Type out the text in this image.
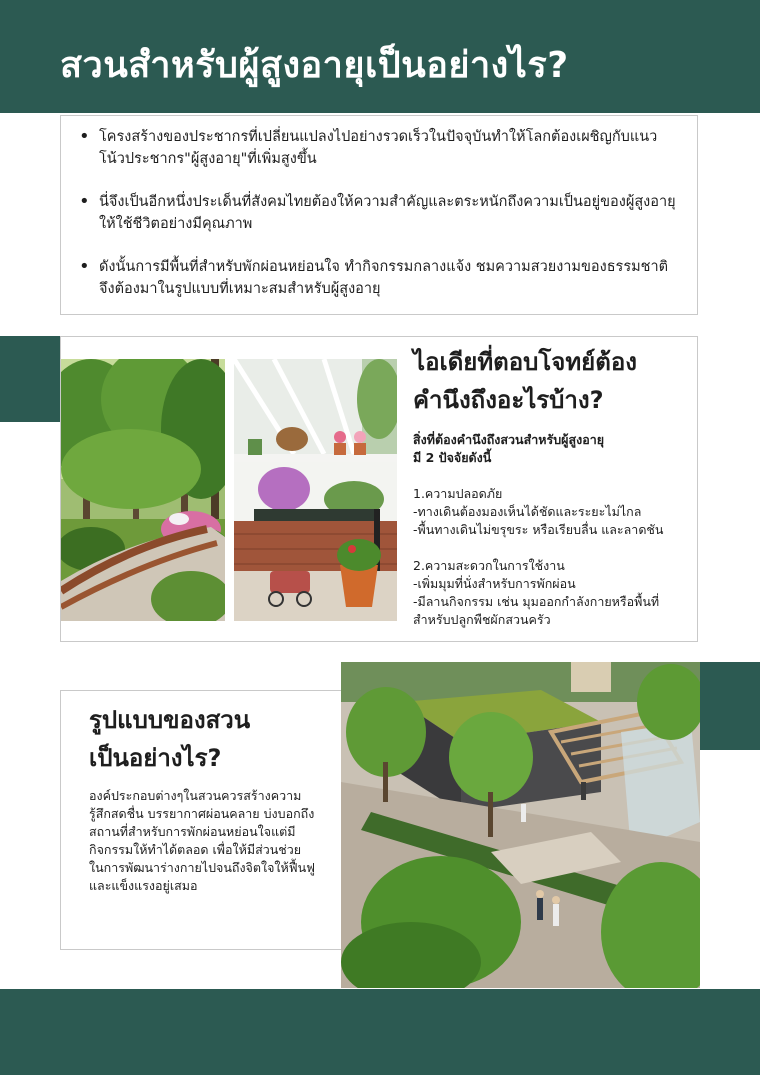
สวนสำหรับผู้สูงอายุเป็นอย่างไร?
• โครงสร้างของประชากรที่เปลี่ยนแปลงไปอย่างรวดเร็วในปัจจุบันทำให้โลกต้องเผชิญกับแนวโน้วประชากร"ผู้สูงอายุ"ที่เพิ่มสูงขึ้น
• นี่จึงเป็นอีกหนึ่งประเด็นที่สังคมไทยต้องให้ความสำคัญและตระหนักถึงความเป็นอยู่ของผู้สูงอายุให้ใช้ชีวิตอย่างมีคุณภาพ
• ดังนั้นการมีพื้นที่สำหรับพักผ่อนหย่อนใจ ทำกิจกรรมกลางแจ้ง ชมความสวยงามของธรรมชาติ จึงต้องมาในรูปแบบที่เหมาะสมสำหรับผู้สูงอายุ
ไอเดียที่ตอบโจทย์ต้อง
คำนึงถึงอะไรบ้าง?
สิ่งที่ต้องคำนึงถึงสวนสำหรับผู้สูงอายุ
มี 2 ปัจจัยดังนี้
1.ความปลอดภัย
-ทางเดินต้องมองเห็นได้ชัดและระยะไม่ไกล
-พื้นทางเดินไม่ขรุขระ หรือเรียบลื่น และลาดชัน
2.ความสะดวกในการใช้งาน
-เพิ่มมุมที่นั่งสำหรับการพักผ่อน
-มีลานกิจกรรม เช่น มุมออกกำลังกายหรือพื้นที่
สำหรับปลูกพืชผักสวนครัว
รูปแบบของสวน
เป็นอย่างไร?
องค์ประกอบต่างๆในสวนควรสร้างความรู้สึกสดชื่น บรรยากาศผ่อนคลาย บ่งบอกถึงสถานที่สำหรับการพักผ่อนหย่อนใจแต่มีกิจกรรมให้ทำได้ตลอด เพื่อให้มีส่วนช่วยในการพัฒนาร่างกายไปจนถึงจิตใจให้ฟื้นฟูและแข็งแรงอยู่เสมอ
